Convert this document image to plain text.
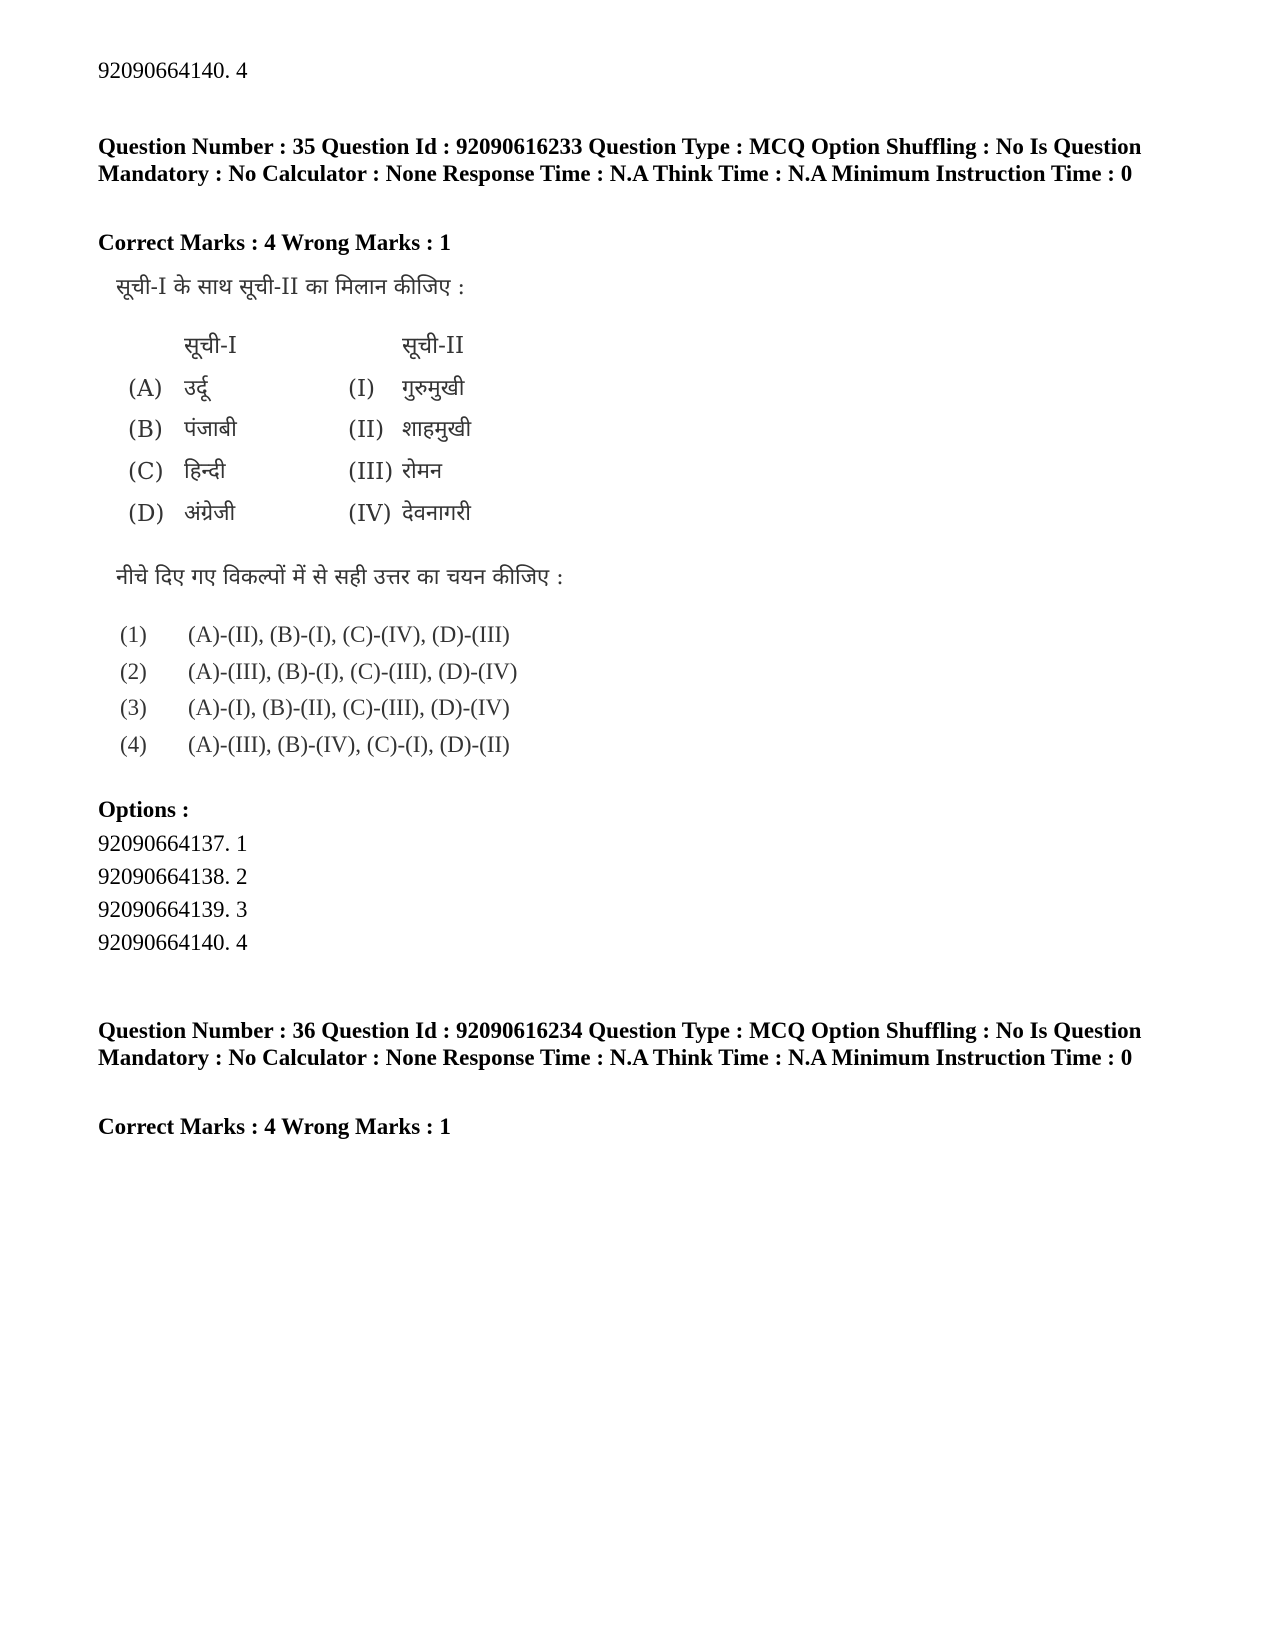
92090664140. 4
Question Number : 35 Question Id : 92090616233 Question Type : MCQ Option Shuffling : No Is Question Mandatory : No Calculator : None Response Time : N.A Think Time : N.A Minimum Instruction Time : 0
Correct Marks : 4 Wrong Marks : 1
सूची-I के साथ सूची-II का मिलान कीजिए :
सूची-I	सूची-II
(A) उर्दू
(B) पंजाबी
(C) हिन्दी
(D) अंग्रेजी
(I) गुरुमुखी
(II) शाहमुखी
(III) रोमन
(IV) देवनागरी
नीचे दिए गए विकल्पों में से सही उत्तर का चयन कीजिए :
(1) (A)-(II), (B)-(I), (C)-(IV), (D)-(III)
(2) (A)-(III), (B)-(I), (C)-(III), (D)-(IV)
(3) (A)-(I), (B)-(II), (C)-(III), (D)-(IV)
(4) (A)-(III), (B)-(IV), (C)-(I), (D)-(II)
Options :
92090664137. 1
92090664138. 2
92090664139. 3
92090664140. 4
Question Number : 36 Question Id : 92090616234 Question Type : MCQ Option Shuffling : No Is Question Mandatory : No Calculator : None Response Time : N.A Think Time : N.A Minimum Instruction Time : 0
Correct Marks : 4 Wrong Marks : 1
